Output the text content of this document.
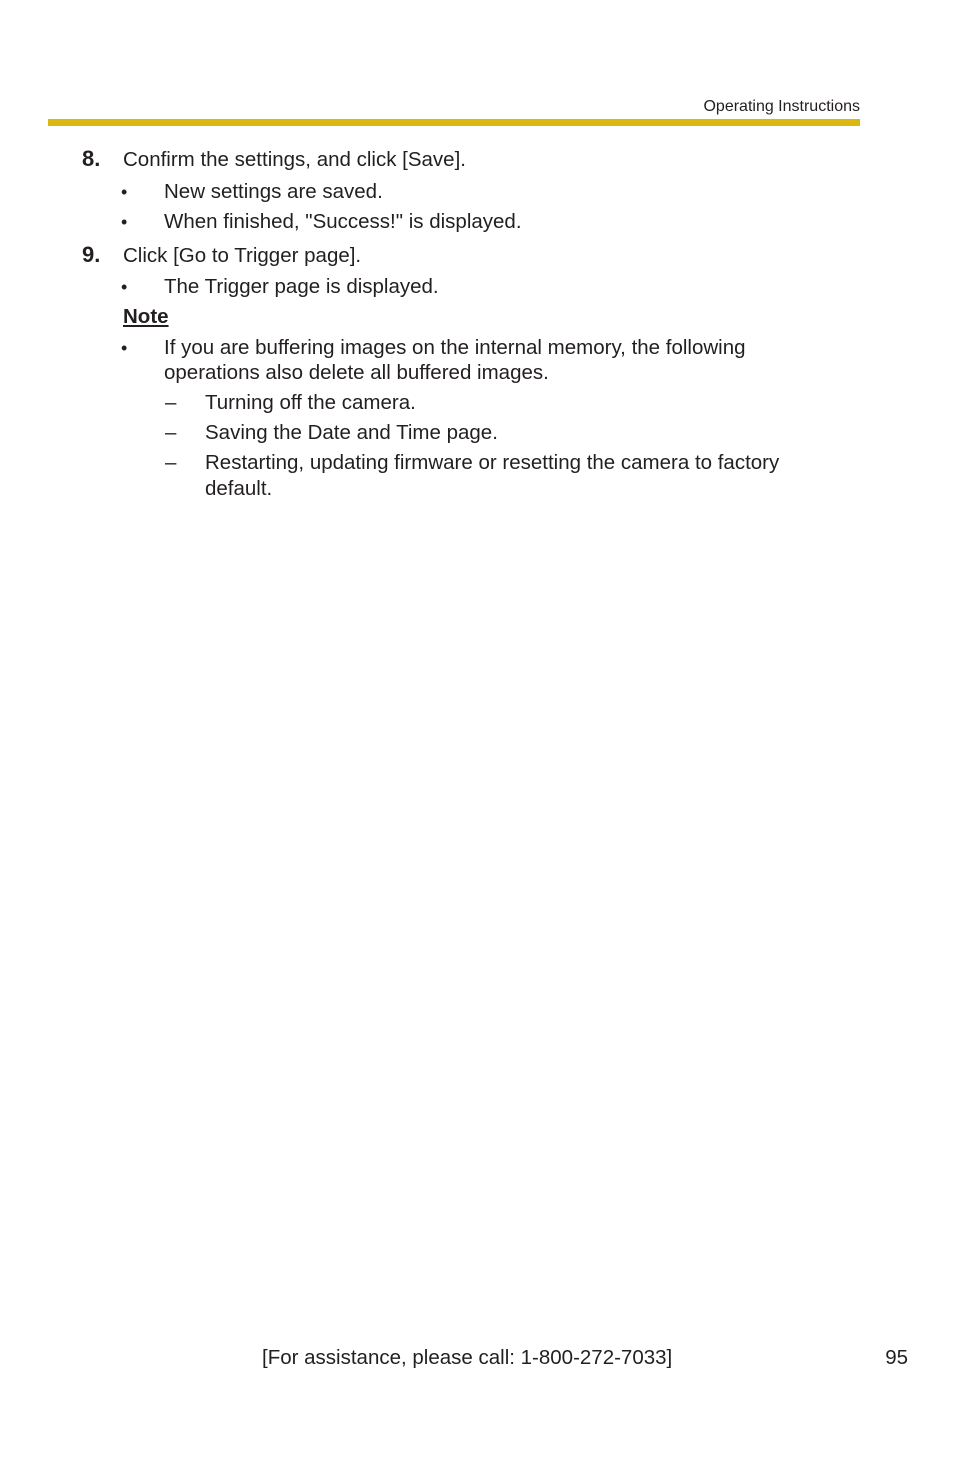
Operating Instructions
8. Confirm the settings, and click [Save].
• New settings are saved.
• When finished, "Success!" is displayed.
9. Click [Go to Trigger page].
• The Trigger page is displayed.
Note
• If you are buffering images on the internal memory, the following
operations also delete all buffered images.
– Turning off the camera.
– Saving the Date and Time page.
– Restarting, updating firmware or resetting the camera to factory
default.
[For assistance, please call: 1-800-272-7033]	95
